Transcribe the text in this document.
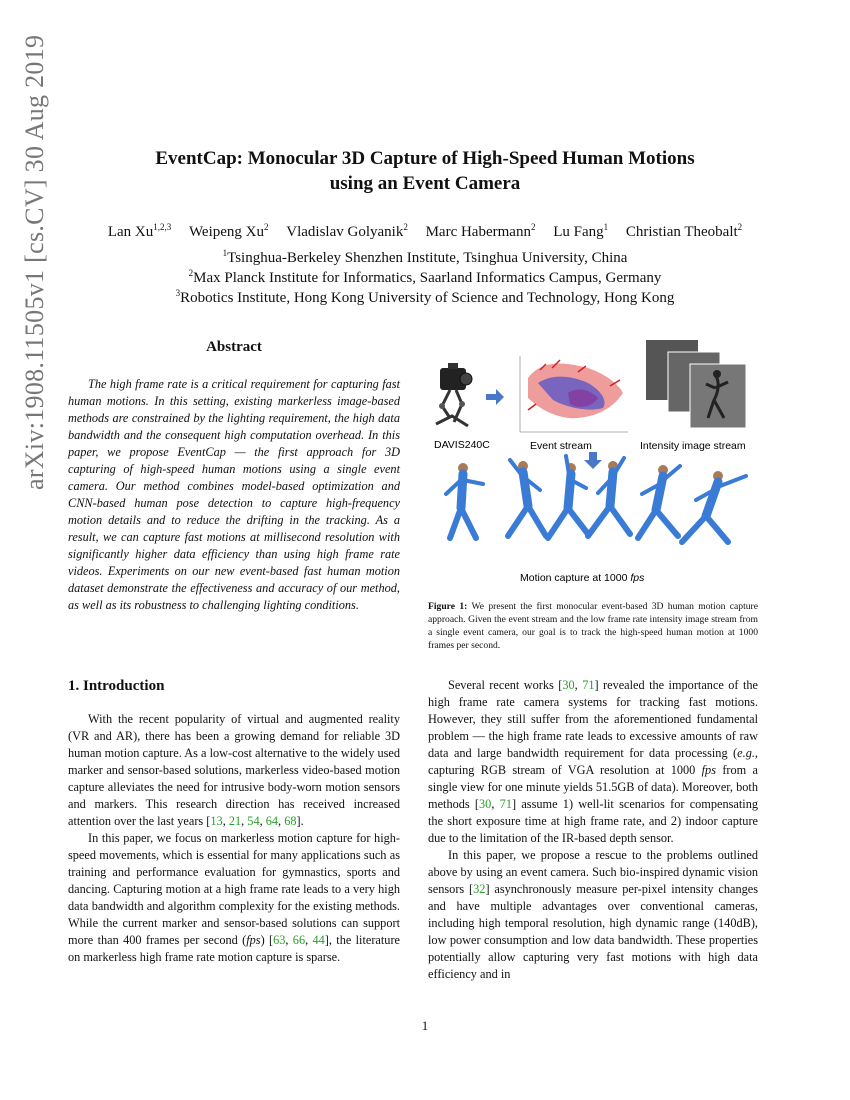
arXiv:1908.11505v1 [cs.CV] 30 Aug 2019	EventCap: Monocular 3D Capture of High-Speed Human Motions
using an Event Camera
Lan Xu$^{1,2,3}$ Weipeng Xu$^2$ Vladislav Golyanik$^2$ Marc Habermann$^2$ Lu Fang$^1$ Christian Theobalt$^2$
$^1$Tsinghua-Berkeley Shenzhen Institute, Tsinghua University, China
$^2$Max Planck Institute for Informatics, Saarland Informatics Campus, Germany
$^3$Robotics Institute, Hong Kong University of Science and Technology, Hong Kong
Abstract
The high frame rate is a critical requirement for capturing fast human motions. In this setting, existing markerless image-based methods are constrained by the lighting requirement, the high data bandwidth and the consequent high computation overhead. In this paper, we propose EventCap — the first approach for 3D capturing of high-speed human motions using a single event camera. Our method combines model-based optimization and CNN-based human pose detection to capture high-frequency motion details and to reduce the drifting in the tracking. As a result, we can capture fast motions at millisecond resolution with significantly higher data efficiency than using high frame rate videos. Experiments on our new event-based fast human motion dataset demonstrate the effectiveness and accuracy of our method, as well as its robustness to challenging lighting conditions.
DAVIS240C	Event stream	Intensity image stream
Motion capture at 1000 fps
Figure 1: We present the first monocular event-based 3D human motion capture approach. Given the event stream and the low frame rate intensity image stream from a single event camera, our goal is to track the high-speed human motion at 1000 frames per second.
1. Introduction

With the recent popularity of virtual and augmented reality (VR and AR), there has been a growing demand for reliable 3D human motion capture. As a low-cost alternative to the widely used marker and sensor-based solutions, markerless video-based motion capture alleviates the need for intrusive body-worn motion sensors and markers. This research direction has received increased attention over the last years [13, 21, 54, 64, 68].

In this paper, we focus on markerless motion capture for high-speed movements, which is essential for many applications such as training and performance evaluation for gymnastics, sports and dancing. Capturing motion at a high frame rate leads to a very high data bandwidth and algorithm complexity for the existing methods. While the current marker and sensor-based solutions can support more than 400 frames per second (fps) [63, 66, 44], the literature on markerless high frame rate motion capture is sparse.

Several recent works [30, 71] revealed the importance of the high frame rate camera systems for tracking fast motions. However, they still suffer from the aforementioned fundamental problem — the high frame rate leads to excessive amounts of raw data and large bandwidth requirement for data processing (e.g., capturing RGB stream of VGA resolution at 1000 fps from a single view for one minute yields 51.5GB of data). Moreover, both methods [30, 71] assume 1) well-lit scenarios for compensating the short exposure time at high frame rate, and 2) indoor capture due to the limitation of the IR-based depth sensor.

In this paper, we propose a rescue to the problems outlined above by using an event camera. Such bio-inspired dynamic vision sensors [32] asynchronously measure per-pixel intensity changes and have multiple advantages over conventional cameras, including high temporal resolution, high dynamic range (140dB), low power consumption and low data bandwidth. These properties potentially allow capturing very fast motions with high data efficiency and in

1
